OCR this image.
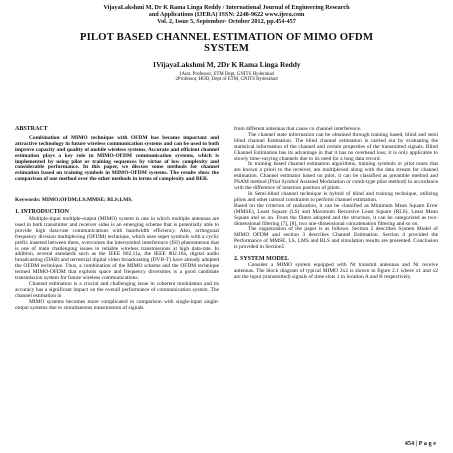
VijayaLakshmi M, Dr K Rama Linga Reddy / International Journal of Engineering Research
and Applications (IJERA) ISSN: 2248-9622 www.ijera.com
Vol. 2, Issue 5, September- October 2012, pp.454-457
PILOT BASED CHANNEL ESTIMATION OF MIMO OFDM
SYSTEM
1VijayaLakshmi M, 2Dr K Rama Linga Reddy
1Asst. Professor, ETM Dept, GNITS Hyderabad
2Professor, HOD, Dept of ETM, GNITS Hyderabad
ABSTRACT

Combination of MIMO technique with OFDM has become important and attractive technology in future wireless communication systems and can be used to both improve capacity and quality of mobile wireless systems. Accurate and efficient channel estimation plays a key role in MIMO-OFDM communication systems, which is implemented by using pilot or training sequences by virtue of low complexity and considerable performance. In this paper, we discuss some methods for channel estimation based on training symbols in MIMO-OFDM systems. The results show the comparison of one method over the other methods in terms of complexity and BER.

Keywords: MIMO;OFDM;LS;MMSE; RLS;LMS.

1. INTRODUCTION

Multiple-input multiple-output (MIMO) system is one in which multiple antennas are used in both transmitter and receiver sides is an emerging scheme that is potentially able to provide high data-rate communications with bandwidth efficiency. Also, orthogonal frequency division multiplexing (OFDM) technique, which uses super symbols with a cyclic prefix inserted between them, overcomes the intersymbol interference (ISI) phenomenon that is one of main challenging issues in reliable wireless transmissions at high data-rate. In addition, several standards such as the IEEE 802.11a, the IEEE 802.16a, digital audio broadcasting (DAB) and terrestrial digital video broadcasting (DVB-T) have already adopted the OFDM technique. Thus, a combination of the MIMO scheme and the OFDM technique termed MIMO-OFDM that exploits space and frequency diversities is a good candidate transmission system for future wireless communications.

Channel estimation is a crucial and challenging issue in coherent modulation and its accuracy has a significant impact on the overall performance of communication system. The channel estimation in

MIMO systems becomes more complicated in comparison with single-input single-output systems due to simultaneous transmission of signals

from different antennas that cause co channel interference.

The channel state information can be obtained through training based, blind and semi blind channel Estimation. The blind channel estimation is carried out by evaluating the statistical information of the channel and certain properties of the transmitted signals. Blind Channel Estimation has its advantage in that it has no overhead loss; it is only applicable to slowly time-varying channels due to its need for a long data record.

In training based channel estimation algorithms, training symbols or pilot tones that are known a priori to the receiver, are multiplexed along with the data stream for channel estimation. Channel estimator based on pilot, it can be classified as preamble method and PSAM method (Pilot Symbol Assisted Modulation or comb-type pilot method) in accordance with the difference of insertion position of pilots.

In Semi-blind channel technique is hybrid of blind and training technique, utilizing pilots and other natural constraints to perform channel estimation.

Based on the criterion of realization, it can be classified as Minimum Mean Square Error (MMSE), Least Square (LS) and Maximum Recursive Least Square (RLS), Least Mean Square and so on. From the filters adopted and the structure, it can be categorized as two-dimensional filtering [7], [8], two one-dimensional concatenation filtering and so on.

The organization of the paper is as follows. Section 2 describes System Model of MIMO OFDM and section 3 describes Channel Estimation. Section 4 provided the Performance of MMSE, LS, LMS and RLS and simulation results are presented. Conclusion is provided in Section5

2. SYSTEM MODEL

Consider a MIMO system equipped with Nt transmit antennas and Nr receive antennas. The block diagram of typical MIMO 2x2 is shown in figure 2.1 where x1 and x2 are the input (transmitted) signals of time slots 1 in location A and B respectively.

454 | P a g e
